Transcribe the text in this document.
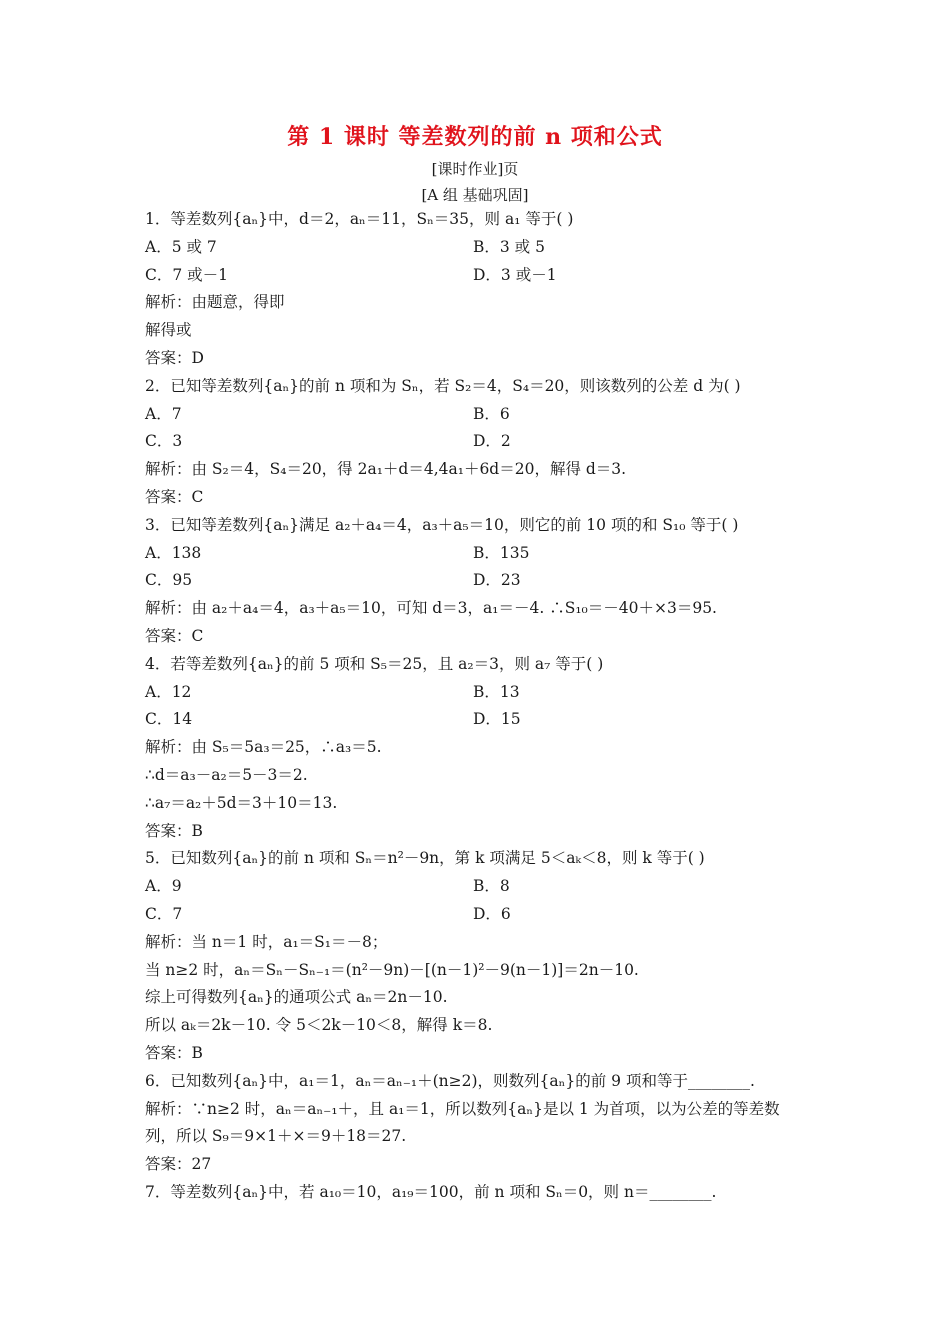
第 1 课时 等差数列的前 n 项和公式
[课时作业]页
[A 组 基础巩固]
1．等差数列{aₙ}中，d＝2，aₙ＝11，Sₙ＝35，则 a₁ 等于( )
A．5 或 7	B．3 或 5
C．7 或－1	D．3 或－1
解析：由题意，得即
解得或
答案：D
2．已知等差数列{aₙ}的前 n 项和为 Sₙ，若 S₂＝4，S₄＝20，则该数列的公差 d 为( )
A．7	B．6
C．3	D．2
解析：由 S₂＝4，S₄＝20，得 2a₁＋d＝4,4a₁＋6d＝20，解得 d＝3.
答案：C
3．已知等差数列{aₙ}满足 a₂＋a₄＝4，a₃＋a₅＝10，则它的前 10 项的和 S₁₀ 等于( )
A．138	B．135
C．95	D．23
解析：由 a₂＋a₄＝4，a₃＋a₅＝10，可知 d＝3，a₁＝－4. ∴S₁₀＝－40＋×3＝95.
答案：C
4．若等差数列{aₙ}的前 5 项和 S₅＝25，且 a₂＝3，则 a₇ 等于( )
A．12	B．13
C．14	D．15
解析：由 S₅＝5a₃＝25，∴a₃＝5.
∴d＝a₃－a₂＝5－3＝2.
∴a₇＝a₂＋5d＝3＋10＝13.
答案：B
5．已知数列{aₙ}的前 n 项和 Sₙ＝n²－9n，第 k 项满足 5＜aₖ＜8，则 k 等于( )
A．9	B．8
C．7	D．6
解析：当 n＝1 时，a₁＝S₁＝－8；
当 n≥2 时，aₙ＝Sₙ－Sₙ₋₁＝(n²－9n)－[(n－1)²－9(n－1)]＝2n－10.
综上可得数列{aₙ}的通项公式 aₙ＝2n－10.
所以 aₖ＝2k－10. 令 5＜2k－10＜8，解得 k＝8.
答案：B
6．已知数列{aₙ}中，a₁＝1，aₙ＝aₙ₋₁＋(n≥2)，则数列{aₙ}的前 9 项和等于________.
解析：∵n≥2 时，aₙ＝aₙ₋₁＋，且 a₁＝1，所以数列{aₙ}是以 1 为首项，以为公差的等差数
列，所以 S₉＝9×1＋×＝9＋18＝27.
答案：27
7．等差数列{aₙ}中，若 a₁₀＝10，a₁₉＝100，前 n 项和 Sₙ＝0，则 n＝________.
